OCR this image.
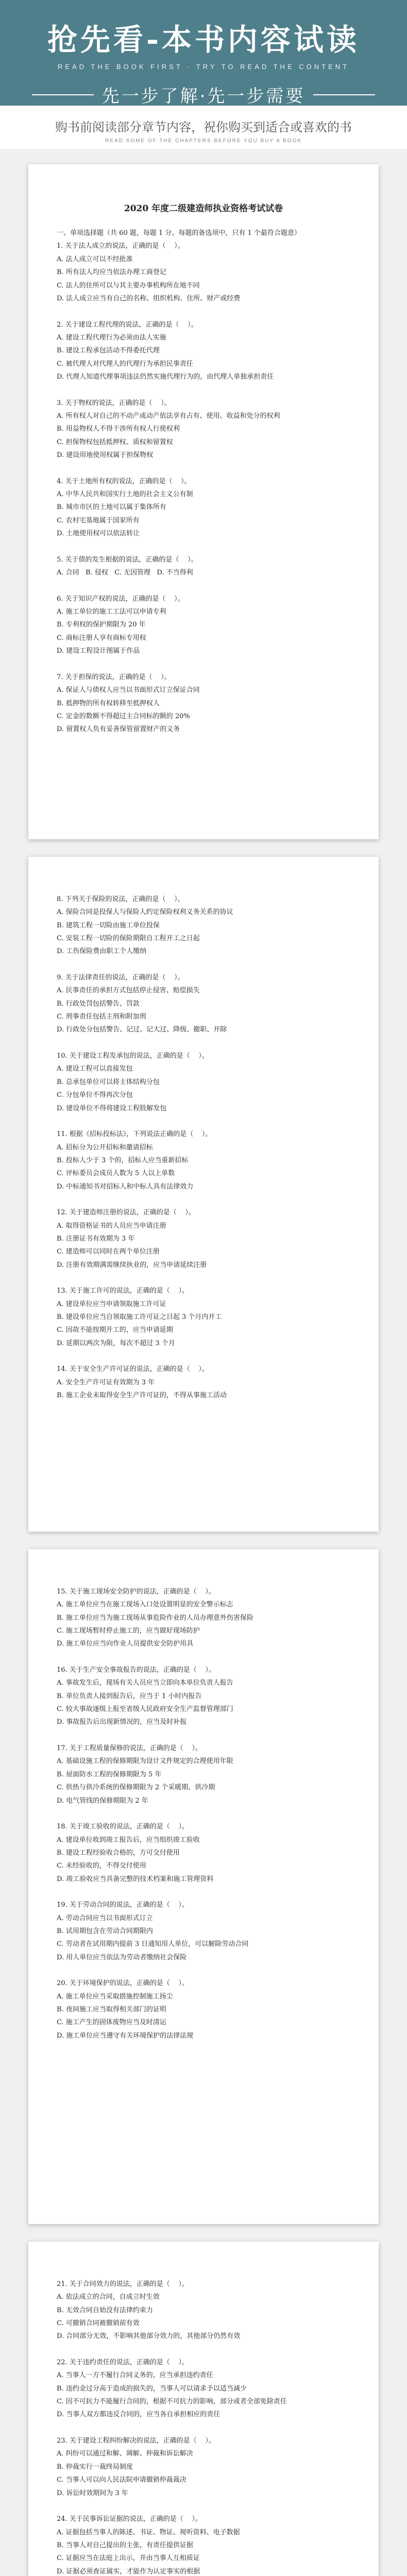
抢先看-本书内容试读
READ THE BOOK FIRST · TRY TO READ THE CONTENT
先一步了解·先一步需要
购书前阅读部分章节内容，祝你购买到适合或喜欢的书
READ SOME OF THE CHAPTERS BEFORE YOU BUY A BOOK
2020 年度二级建造师执业资格考试试卷

一、单项选择题（共 60 题，每题 1 分。每题的备选项中，只有 1 个最符合题意）

1. 关于法人成立的说法，正确的是（    ）。

A. 法人成立可以不经批准

B. 所有法人均应当依法办理工商登记

C. 法人的住所可以与其主要办事机构所在地不同

D. 法人成立应当有自己的名称、组织机构、住所、财产或经费

2. 关于建设工程代理的说法，正确的是（    ）。

A. 建设工程代理行为必须由法人实施

B. 建设工程承包活动不得委托代理

C. 被代理人对代理人的代理行为承担民事责任

D. 代理人知道代理事项违法仍然实施代理行为的，由代理人单独承担责任

3. 关于物权的说法，正确的是（    ）。

A. 所有权人对自己的不动产或动产依法享有占有、使用、收益和处分的权利

B. 用益物权人不得干涉所有权人行使权利

C. 担保物权包括抵押权、质权和留置权

D. 建设用地使用权属于担保物权

4. 关于土地所有权的说法，正确的是（    ）。

A. 中华人民共和国实行土地的社会主义公有制

B. 城市市区的土地可以属于集体所有

C. 农村宅基地属于国家所有

D. 土地使用权可以依法转让

5. 关于债的发生根据的说法，正确的是（    ）。

A. 合同   B. 侵权   C. 无因管理   D. 不当得利

6. 关于知识产权的说法，正确的是（    ）。

A. 施工单位的施工工法可以申请专利

B. 专利权的保护期限为 20 年

C. 商标注册人享有商标专用权

D. 建设工程设计图属于作品

7. 关于担保的说法，正确的是（    ）。

A. 保证人与债权人应当以书面形式订立保证合同

B. 抵押物的所有权转移至抵押权人

C. 定金的数额不得超过主合同标的额的 20%

D. 留置权人负有妥善保管留置财产的义务

8. 下列关于保险的说法，正确的是（    ）。

A. 保险合同是投保人与保险人约定保险权利义务关系的协议

B. 建筑工程一切险由施工单位投保

C. 安装工程一切险的保险期限自工程开工之日起

D. 工伤保险费由职工个人缴纳

9. 关于法律责任的说法，正确的是（    ）。

A. 民事责任的承担方式包括停止侵害、赔偿损失

B. 行政处罚包括警告、罚款

C. 刑事责任包括主刑和附加刑

D. 行政处分包括警告、记过、记大过、降级、撤职、开除

10. 关于建设工程发承包的说法，正确的是（    ）。

A. 建设工程可以直接发包

B. 总承包单位可以将主体结构分包

C. 分包单位不得再次分包

D. 建设单位不得将建设工程肢解发包

11. 根据《招标投标法》，下列说法正确的是（    ）。

A. 招标分为公开招标和邀请招标

B. 投标人少于 3 个的，招标人应当重新招标

C. 评标委员会成员人数为 5 人以上单数

D. 中标通知书对招标人和中标人具有法律效力

12. 关于建造师注册的说法，正确的是（    ）。

A. 取得资格证书的人员应当申请注册

B. 注册证书有效期为 3 年

C. 建造师可以同时在两个单位注册

D. 注册有效期满需继续执业的，应当申请延续注册

13. 关于施工许可的说法，正确的是（    ）。

A. 建设单位应当申请领取施工许可证

B. 建设单位应当自领取施工许可证之日起 3 个月内开工

C. 因故不能按期开工的，应当申请延期

D. 延期以两次为限，每次不超过 3 个月

14. 关于安全生产许可证的说法，正确的是（    ）。

A. 安全生产许可证有效期为 3 年

B. 施工企业未取得安全生产许可证的，不得从事施工活动

15. 关于施工现场安全防护的说法，正确的是（    ）。

A. 施工单位应当在施工现场入口处设置明显的安全警示标志

B. 施工单位应当为施工现场从事危险作业的人员办理意外伤害保险

C. 施工现场暂时停止施工的，应当做好现场防护

D. 施工单位应当向作业人员提供安全防护用具

16. 关于生产安全事故报告的说法，正确的是（    ）。

A. 事故发生后，现场有关人员应当立即向本单位负责人报告

B. 单位负责人接到报告后，应当于 1 小时内报告

C. 较大事故逐级上报至省级人民政府安全生产监督管理部门

D. 事故报告后出现新情况的，应当及时补报

17. 关于工程质量保修的说法，正确的是（    ）。

A. 基础设施工程的保修期限为设计文件规定的合理使用年限

B. 屋面防水工程的保修期限为 5 年

C. 供热与供冷系统的保修期限为 2 个采暖期、供冷期

D. 电气管线的保修期限为 2 年

18. 关于竣工验收的说法，正确的是（    ）。

A. 建设单位收到竣工报告后，应当组织竣工验收

B. 建设工程经验收合格的，方可交付使用

C. 未经验收的，不得交付使用

D. 竣工验收应当具备完整的技术档案和施工管理资料

19. 关于劳动合同的说法，正确的是（    ）。

A. 劳动合同应当以书面形式订立

B. 试用期包含在劳动合同期限内

C. 劳动者在试用期内提前 3 日通知用人单位，可以解除劳动合同

D. 用人单位应当依法为劳动者缴纳社会保险

20. 关于环境保护的说法，正确的是（    ）。

A. 施工单位应当采取措施控制施工扬尘

B. 夜间施工应当取得相关部门的证明

C. 施工产生的固体废物应当及时清运

D. 施工单位应当遵守有关环境保护的法律法规

21. 关于合同效力的说法，正确的是（    ）。

A. 依法成立的合同，自成立时生效

B. 无效合同自始没有法律约束力

C. 可撤销合同被撤销前有效

D. 合同部分无效，不影响其他部分效力的，其他部分仍然有效

22. 关于违约责任的说法，正确的是（    ）。

A. 当事人一方不履行合同义务的，应当承担违约责任

B. 违约金过分高于造成的损失的，当事人可以请求予以适当减少

C. 因不可抗力不能履行合同的，根据不可抗力的影响，部分或者全部免除责任

D. 当事人双方都违反合同的，应当各自承担相应的责任

23. 关于建设工程纠纷解决的说法，正确的是（    ）。

A. 纠纷可以通过和解、调解、仲裁和诉讼解决

B. 仲裁实行一裁终局制度

C. 当事人可以向人民法院申请撤销仲裁裁决

D. 诉讼时效期间为 3 年

24. 关于民事诉讼证据的说法，正确的是（    ）。

A. 证据包括当事人的陈述、书证、物证、视听资料、电子数据

B. 当事人对自己提出的主张，有责任提供证据

C. 证据应当在法庭上出示，并由当事人互相质证

D. 证据必须查证属实，才能作为认定事实的根据
